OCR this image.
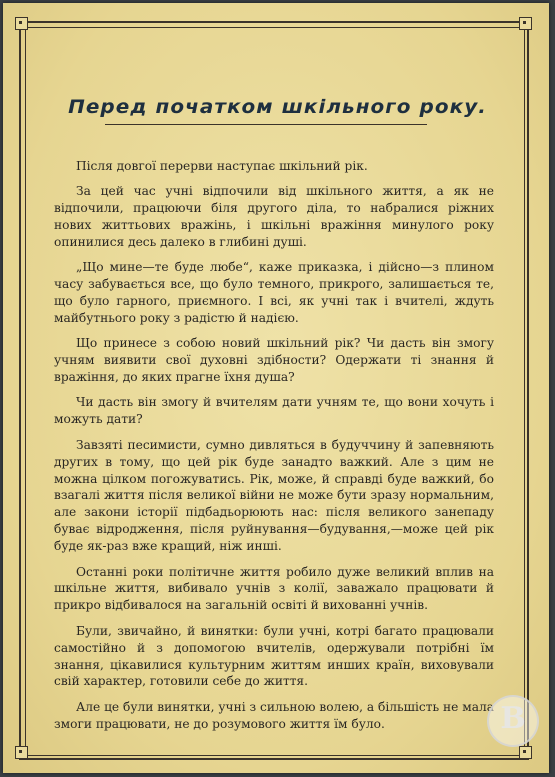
Перед початком шкільного року.

Після довгої перерви наступає шкільний рік.

За цей час учні відпочили від шкільного життя, а як не відпочили, працюючи біля другого діла, то набралися ріжних нових життьових вражінь, і шкільні вражіння минулого року опинилися десь далеко в глибині душі.

„Що мине—те буде любе“, каже приказка, і дійсно—з плином часу забувається все, що було темного, прикрого, залишається те, що було гарного, приємного. І всі, як учні так і вчителі, ждуть майбутнього року з радістю й надією.

Що принесе з собою новий шкільний рік? Чи дасть він змогу учням виявити свої духовні здібности? Одержати ті знання й вражіння, до яких прагне їхня душа?

Чи дасть він змогу й вчителям дати учням те, що вони хочуть і можуть дати?

Завзяті песимисти, сумно дивляться в будуччину й запевняють других в тому, що цей рік буде занадто важкий. Але з цим не можна цілком погожуватись. Рік, може, й справді буде важкий, бо взагалі життя після великої війни не може бути зразу нормальним, але закони історії підбадьорюють нас: після великого занепаду буває відродження, після руйнування—будування,—може цей рік буде як-раз вже кращий, ніж инші.

Останні роки політичне життя робило дуже великий вплив на шкільне життя, вибивало учнів з колії, заважало працювати й прикро відбивалося на загальній освіті й вихованні учнів.

Були, звичайно, й винятки: були учні, котрі багато працювали самостійно й з допомогою вчителів, одержували потрібні їм знання, цікавилися культурним життям инших країн, виховували свій характер, готовили себе до життя.

Але це були винятки, учні з сильною волею, а більшість не мала змоги працювати, не до розумового життя їм було.

В
